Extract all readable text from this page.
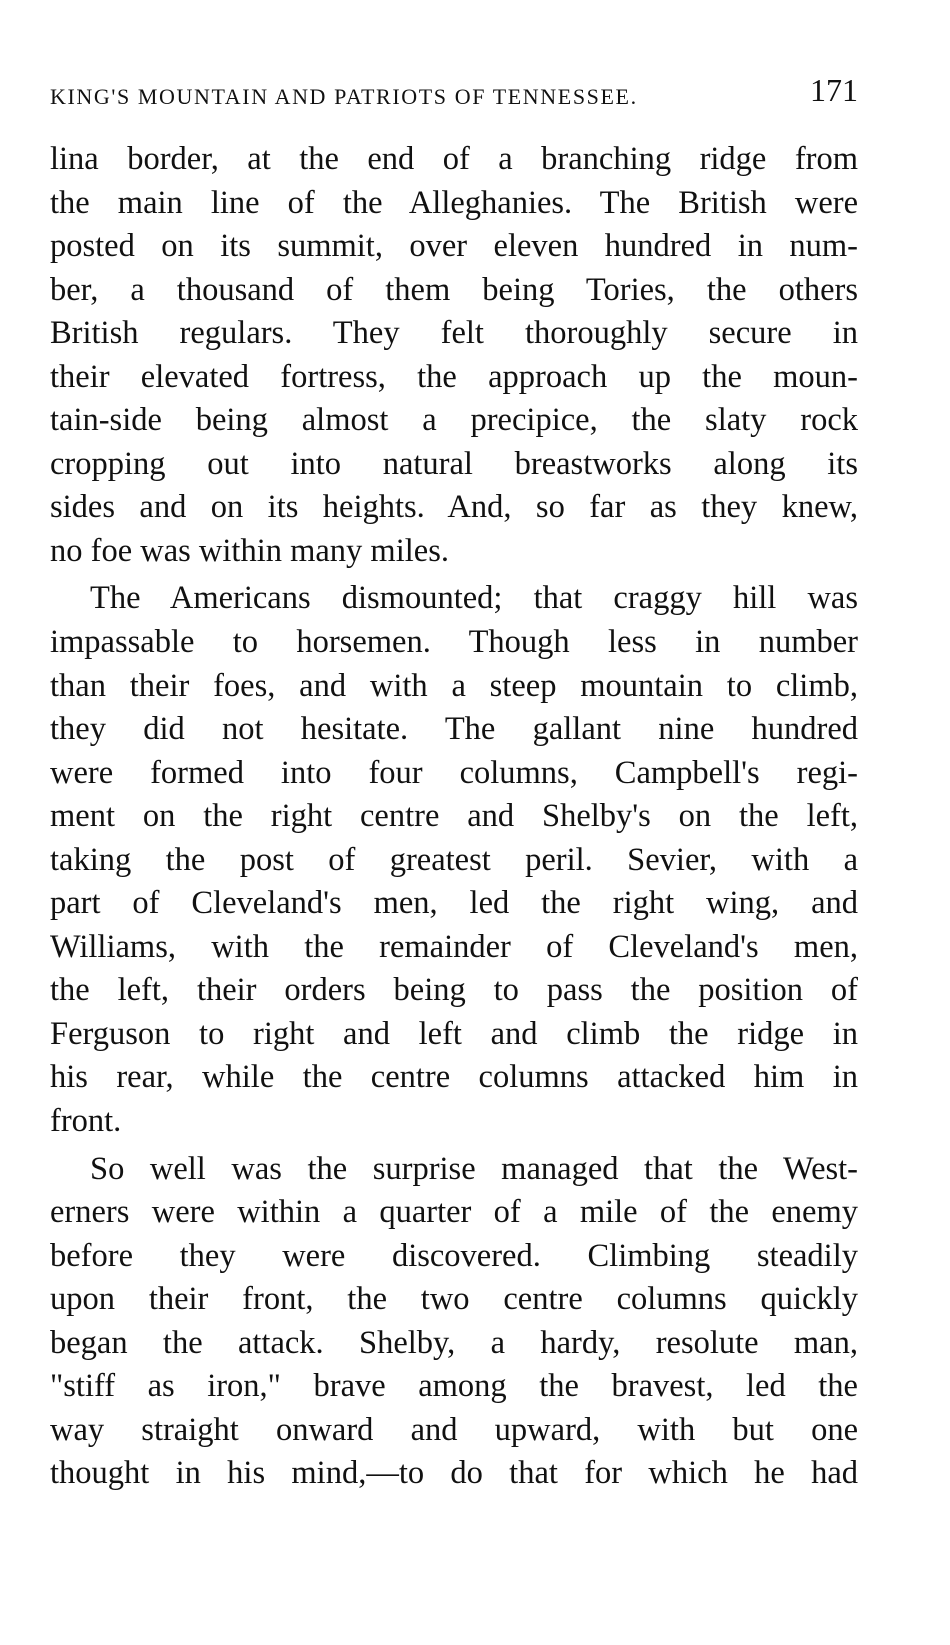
KING'S MOUNTAIN AND PATRIOTS OF TENNESSEE.	171
lina border, at the end of a branching ridge from
the main line of the Alleghanies. The British were
posted on its summit, over eleven hundred in num-
ber, a thousand of them being Tories, the others
British regulars. They felt thoroughly secure in
their elevated fortress, the approach up the moun-
tain-side being almost a precipice, the slaty rock
cropping out into natural breastworks along its
sides and on its heights. And, so far as they knew,
no foe was within many miles.
The Americans dismounted; that craggy hill was
impassable to horsemen. Though less in number
than their foes, and with a steep mountain to climb,
they did not hesitate. The gallant nine hundred
were formed into four columns, Campbell's regi-
ment on the right centre and Shelby's on the left,
taking the post of greatest peril. Sevier, with a
part of Cleveland's men, led the right wing, and
Williams, with the remainder of Cleveland's men,
the left, their orders being to pass the position of
Ferguson to right and left and climb the ridge in
his rear, while the centre columns attacked him in
front.
So well was the surprise managed that the West-
erners were within a quarter of a mile of the enemy
before they were discovered. Climbing steadily
upon their front, the two centre columns quickly
began the attack. Shelby, a hardy, resolute man,
"stiff as iron," brave among the bravest, led the
way straight onward and upward, with but one
thought in his mind,—to do that for which he had
